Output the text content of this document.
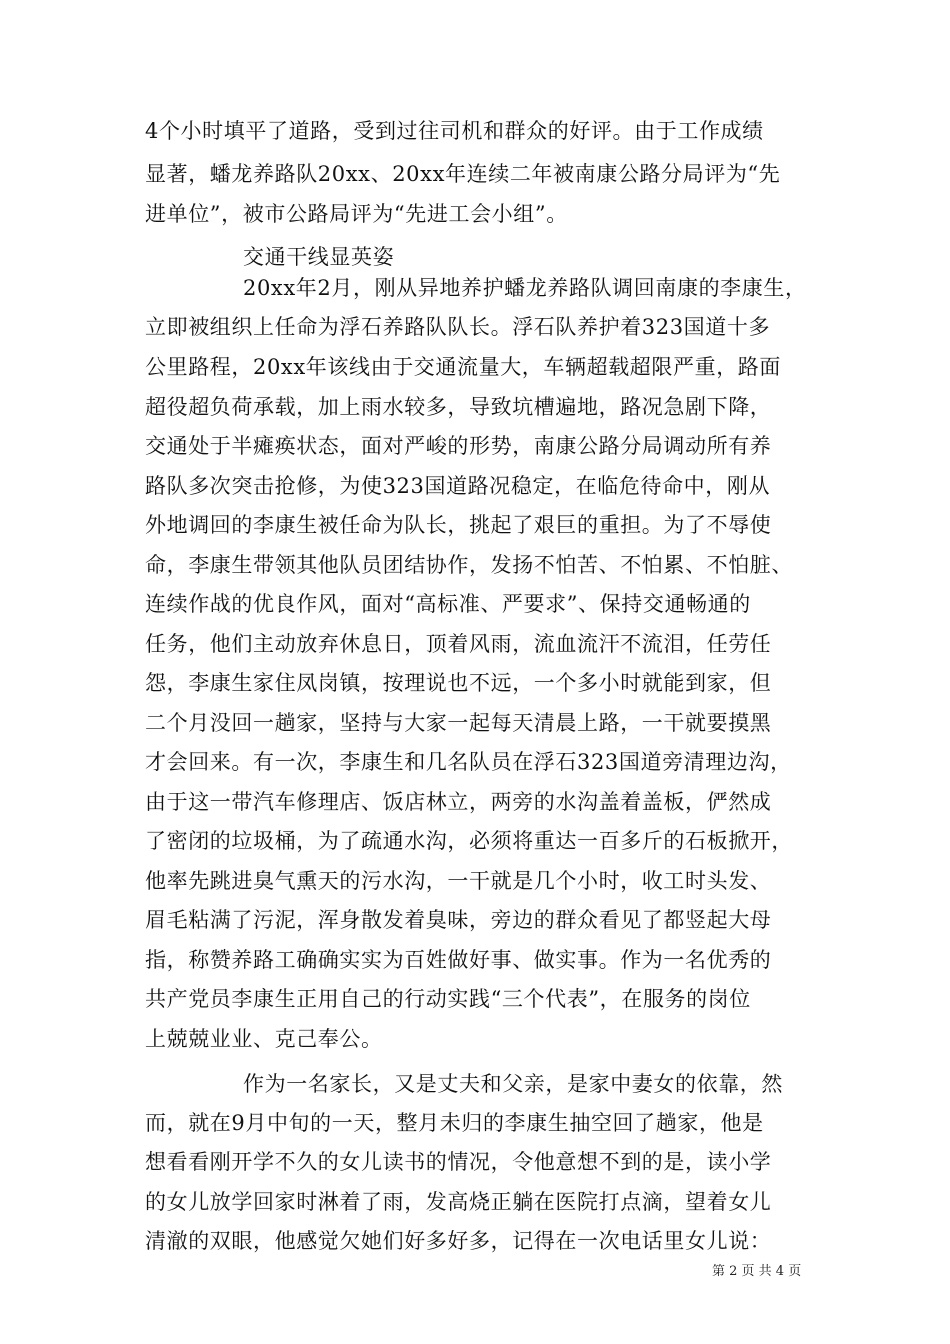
4个小时填平了道路，受到过往司机和群众的好评。由于工作成绩
显著，蟠龙养路队20xx、20xx年连续二年被南康公路分局评为“先
进单位”，被市公路局评为“先进工会小组”。
交通干线显英姿
20xx年2月，刚从异地养护蟠龙养路队调回南康的李康生，
立即被组织上任命为浮石养路队队长。浮石队养护着323国道十多
公里路程，20xx年该线由于交通流量大，车辆超载超限严重，路面
超役超负荷承载，加上雨水较多，导致坑槽遍地，路况急剧下降，
交通处于半瘫痪状态，面对严峻的形势，南康公路分局调动所有养
路队多次突击抢修，为使323国道路况稳定，在临危待命中，刚从
外地调回的李康生被任命为队长，挑起了艰巨的重担。为了不辱使
命，李康生带领其他队员团结协作，发扬不怕苦、不怕累、不怕脏、
连续作战的优良作风，面对“高标准、严要求”、保持交通畅通的
任务，他们主动放弃休息日，顶着风雨，流血流汗不流泪，任劳任
怨，李康生家住凤岗镇，按理说也不远，一个多小时就能到家，但
二个月没回一趟家，坚持与大家一起每天清晨上路，一干就要摸黑
才会回来。有一次，李康生和几名队员在浮石323国道旁清理边沟，
由于这一带汽车修理店、饭店林立，两旁的水沟盖着盖板，俨然成
了密闭的垃圾桶，为了疏通水沟，必须将重达一百多斤的石板掀开，
他率先跳进臭气熏天的污水沟，一干就是几个小时，收工时头发、
眉毛粘满了污泥，浑身散发着臭味，旁边的群众看见了都竖起大母
指，称赞养路工确确实实为百姓做好事、做实事。作为一名优秀的
共产党员李康生正用自己的行动实践“三个代表”，在服务的岗位
上兢兢业业、克己奉公。
作为一名家长，又是丈夫和父亲，是家中妻女的依靠，然
而，就在9月中旬的一天，整月未归的李康生抽空回了趟家，他是
想看看刚开学不久的女儿读书的情况，令他意想不到的是，读小学
的女儿放学回家时淋着了雨，发高烧正躺在医院打点滴，望着女儿
清澈的双眼，他感觉欠她们好多好多，记得在一次电话里女儿说：
第 2 页 共 4 页
